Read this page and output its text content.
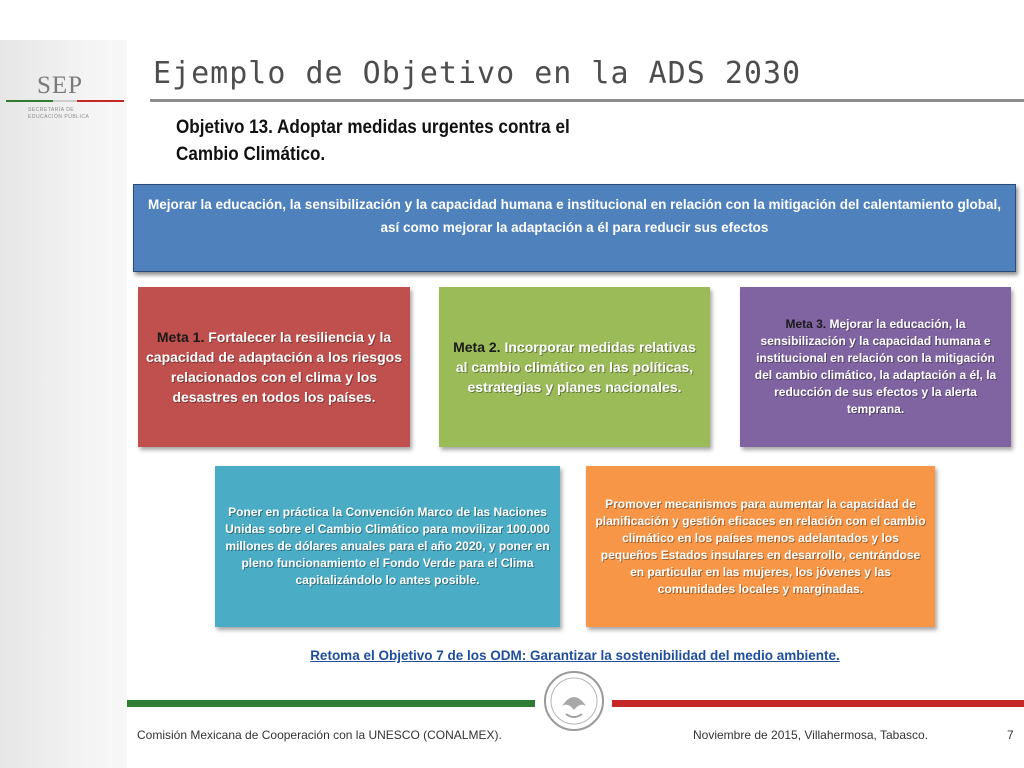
SEP
SECRETARÍA DE EDUCACIÓN PÚBLICA
Ejemplo de Objetivo en la ADS 2030
Objetivo 13. Adoptar medidas urgentes contra el Cambio Climático.
Mejorar la educación, la sensibilización y la capacidad humana e institucional en relación con la mitigación del calentamiento global, así como mejorar la adaptación a él para reducir sus efectos
Meta 1. Fortalecer la resiliencia y la capacidad de adaptación a los riesgos relacionados con el clima y los desastres en todos los países.
Meta 2. Incorporar medidas relativas al cambio climático en las políticas, estrategias y planes nacionales.
Meta 3. Mejorar la educación, la sensibilización y la capacidad humana e institucional en relación con la mitigación del cambio climático, la adaptación a él, la reducción de sus efectos y la alerta temprana.
Poner en práctica la Convención Marco de las Naciones Unidas sobre el Cambio Climático para movilizar 100.000 millones de dólares anuales para el año 2020, y poner en pleno funcionamiento el Fondo Verde para el Clima capitalizándolo lo antes posible.
Promover mecanismos para aumentar la capacidad de planificación y gestión eficaces en relación con el cambio climático en los países menos adelantados y los pequeños Estados insulares en desarrollo, centrándose en particular en las mujeres, los jóvenes y las comunidades locales y marginadas.
Retoma el Objetivo 7 de los ODM: Garantizar la sostenibilidad del medio ambiente.
Comisión Mexicana de Cooperación con la UNESCO (CONALMEX).	Noviembre de 2015, Villahermosa, Tabasco.	7
